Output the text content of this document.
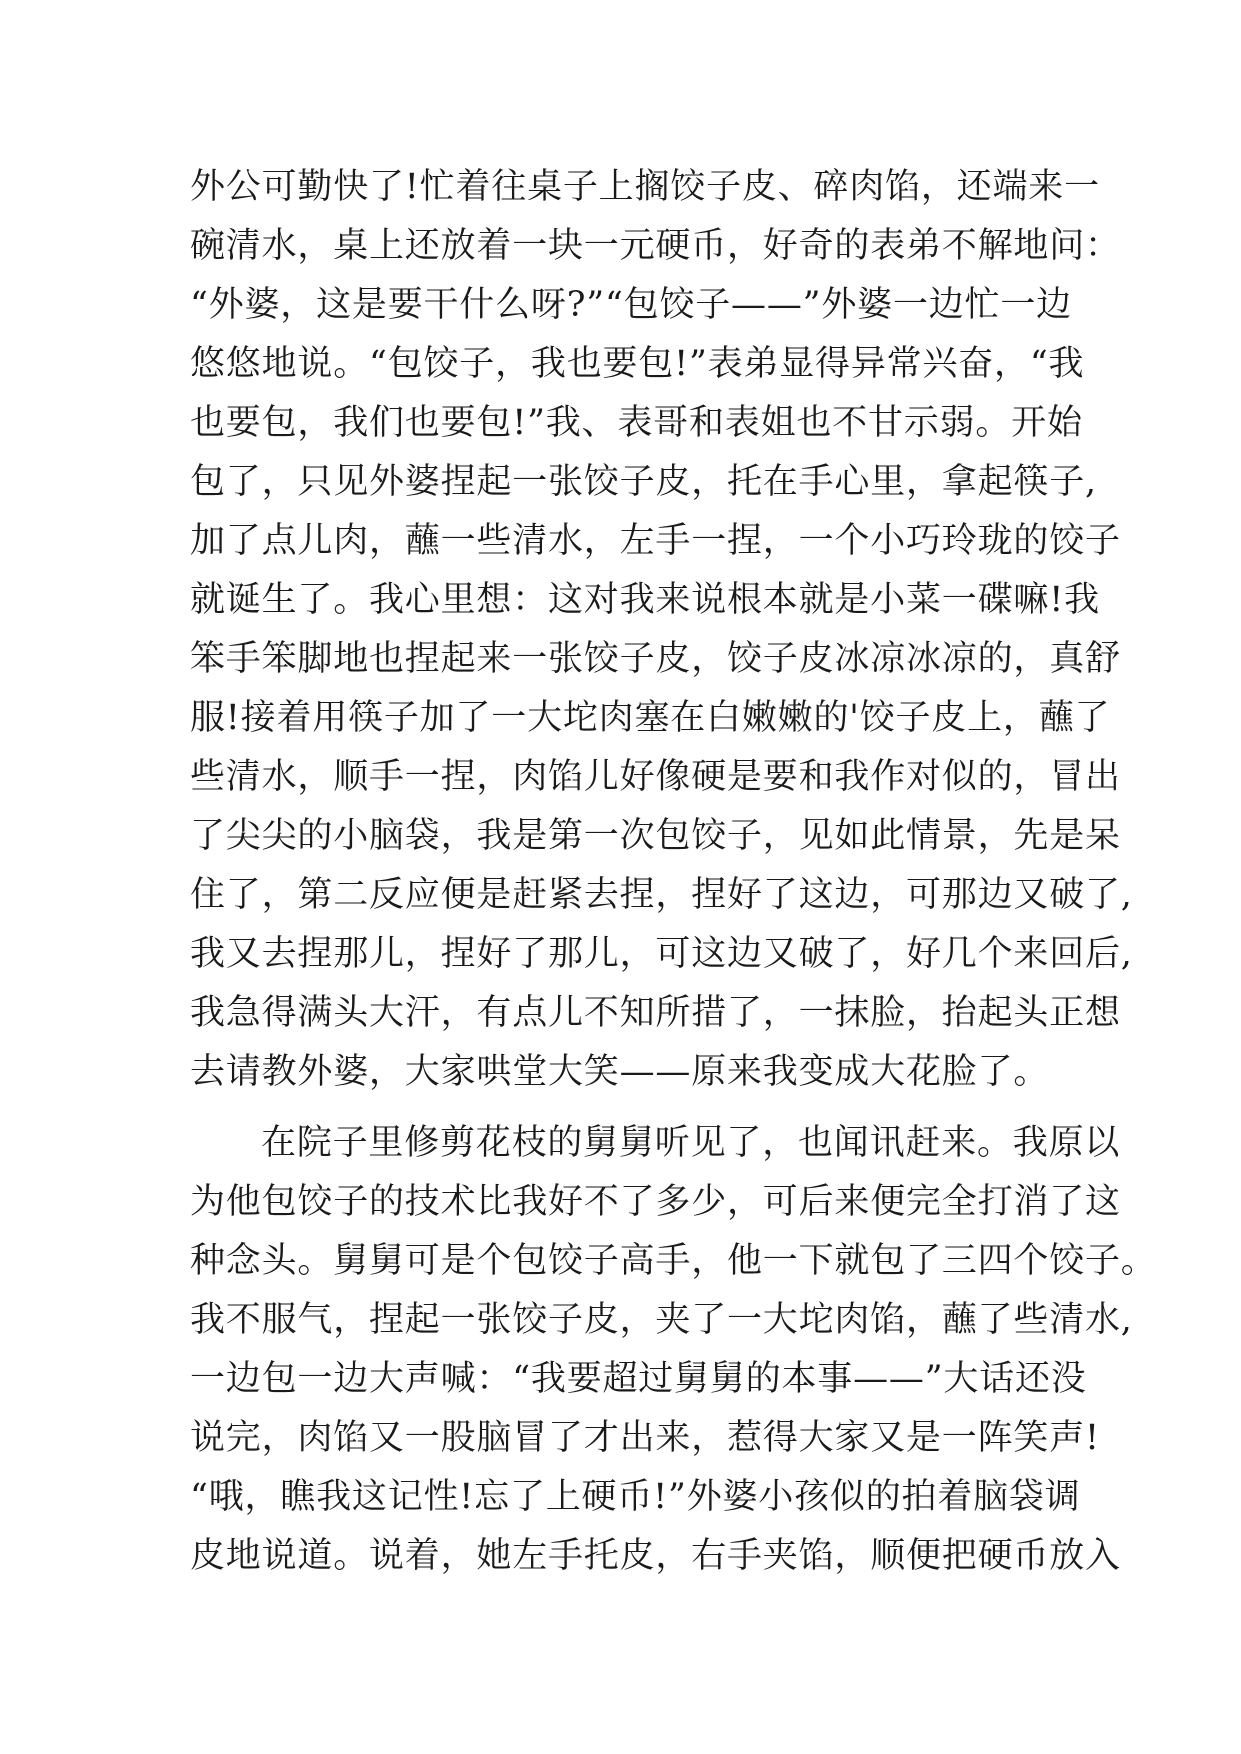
外公可勤快了!忙着往桌子上搁饺子皮、碎肉馅，还端来一
碗清水，桌上还放着一块一元硬币，好奇的表弟不解地问：
“外婆，这是要干什么呀?”“包饺子——”外婆一边忙一边
悠悠地说。“包饺子，我也要包!”表弟显得异常兴奋，“我
也要包，我们也要包!”我、表哥和表姐也不甘示弱。开始
包了，只见外婆捏起一张饺子皮，托在手心里，拿起筷子,
加了点儿肉，蘸一些清水，左手一捏，一个小巧玲珑的饺子
就诞生了。我心里想：这对我来说根本就是小菜一碟嘛!我
笨手笨脚地也捏起来一张饺子皮，饺子皮冰凉冰凉的，真舒
服!接着用筷子加了一大坨肉塞在白嫩嫩的'饺子皮上，蘸了
些清水，顺手一捏，肉馅儿好像硬是要和我作对似的，冒出
了尖尖的小脑袋，我是第一次包饺子，见如此情景，先是呆
住了，第二反应便是赶紧去捏，捏好了这边，可那边又破了,
我又去捏那儿，捏好了那儿，可这边又破了，好几个来回后,
我急得满头大汗，有点儿不知所措了，一抹脸，抬起头正想
去请教外婆，大家哄堂大笑——原来我变成大花脸了。
在院子里修剪花枝的舅舅听见了，也闻讯赶来。我原以
为他包饺子的技术比我好不了多少，可后来便完全打消了这
种念头。舅舅可是个包饺子高手，他一下就包了三四个饺子。
我不服气，捏起一张饺子皮，夹了一大坨肉馅，蘸了些清水,
一边包一边大声喊：“我要超过舅舅的本事——”大话还没
说完，肉馅又一股脑冒了才出来，惹得大家又是一阵笑声!
“哦，瞧我这记性!忘了上硬币!”外婆小孩似的拍着脑袋调
皮地说道。说着，她左手托皮，右手夹馅，顺便把硬币放入
